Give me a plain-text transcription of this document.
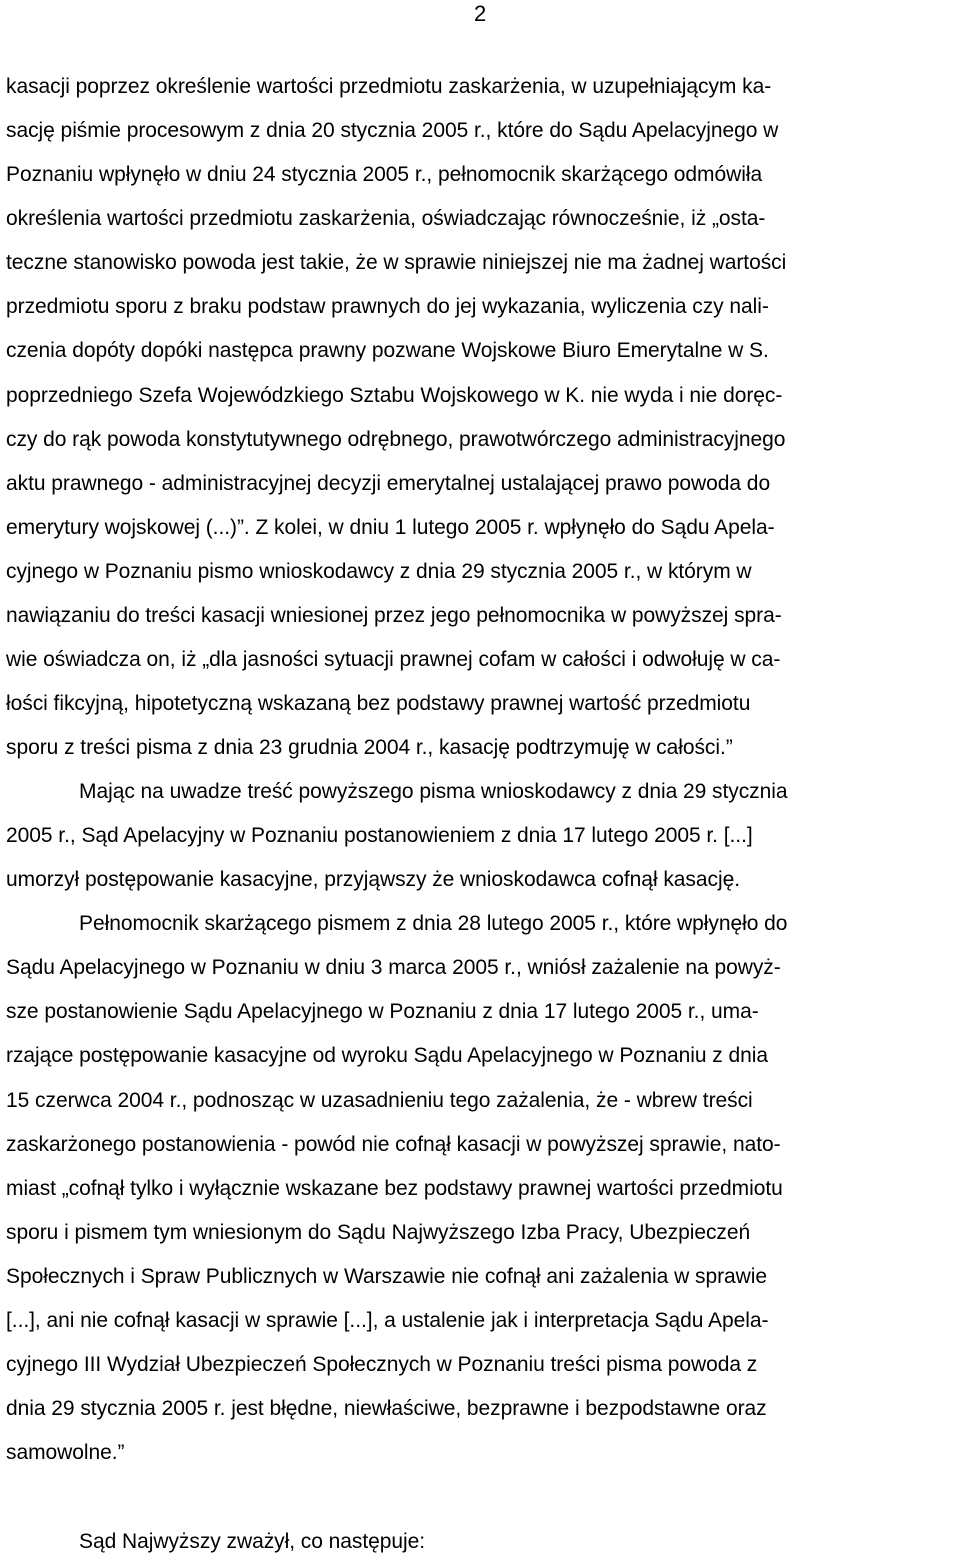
2
kasacji poprzez określenie wartości przedmiotu zaskarżenia, w uzupełniającym ka-
sację piśmie procesowym z dnia 20 stycznia 2005 r., które do Sądu Apelacyjnego w
Poznaniu wpłynęło w dniu 24 stycznia 2005 r., pełnomocnik skarżącego odmówiła
określenia wartości przedmiotu zaskarżenia, oświadczając równocześnie, iż „osta-
teczne stanowisko powoda jest takie, że w sprawie niniejszej nie ma żadnej wartości
przedmiotu sporu z braku podstaw prawnych do jej wykazania, wyliczenia czy nali-
czenia dopóty dopóki następca prawny pozwane Wojskowe Biuro Emerytalne w S.
poprzedniego Szefa Wojewódzkiego Sztabu Wojskowego w K. nie wyda i nie doręc-
czy do rąk powoda konstytutywnego odrębnego, prawotwórczego administracyjnego
aktu prawnego - administracyjnej decyzji emerytalnej ustalającej prawo powoda do
emerytury wojskowej (...)”. Z kolei, w dniu 1 lutego 2005 r. wpłynęło do Sądu Apela-
cyjnego w Poznaniu pismo wnioskodawcy z dnia 29 stycznia 2005 r., w którym w
nawiązaniu do treści kasacji wniesionej przez jego pełnomocnika w powyższej spra-
wie oświadcza on, iż „dla jasności sytuacji prawnej cofam w całości i odwołuję w ca-
łości fikcyjną, hipotetyczną wskazaną bez podstawy prawnej wartość przedmiotu
sporu z treści pisma z dnia 23 grudnia 2004 r., kasację podtrzymuję w całości.”
Mając na uwadze treść powyższego pisma wnioskodawcy z dnia 29 stycznia
2005 r., Sąd Apelacyjny w Poznaniu postanowieniem z dnia 17 lutego 2005 r. [...]
umorzył postępowanie kasacyjne, przyjąwszy że wnioskodawca cofnął kasację.
Pełnomocnik skarżącego pismem z dnia 28 lutego 2005 r., które wpłynęło do
Sądu Apelacyjnego w Poznaniu w dniu 3 marca 2005 r., wniósł zażalenie na powyż-
sze postanowienie Sądu Apelacyjnego w Poznaniu z dnia 17 lutego 2005 r., uma-
rzające postępowanie kasacyjne od wyroku Sądu Apelacyjnego w Poznaniu z dnia
15 czerwca 2004 r., podnosząc w uzasadnieniu tego zażalenia, że - wbrew treści
zaskarżonego postanowienia - powód nie cofnął kasacji w powyższej sprawie, nato-
miast „cofnął tylko i wyłącznie wskazane bez podstawy prawnej wartości przedmiotu
sporu i pismem tym wniesionym do Sądu Najwyższego Izba Pracy, Ubezpieczeń
Społecznych i Spraw Publicznych w Warszawie nie cofnął ani zażalenia w sprawie
[...], ani nie cofnął kasacji w sprawie [...], a ustalenie jak i interpretacja Sądu Apela-
cyjnego III Wydział Ubezpieczeń Społecznych w Poznaniu treści pisma powoda z
dnia 29 stycznia 2005 r. jest błędne, niewłaściwe, bezprawne i bezpodstawne oraz
samowolne.”
Sąd Najwyższy zważył, co następuje:
